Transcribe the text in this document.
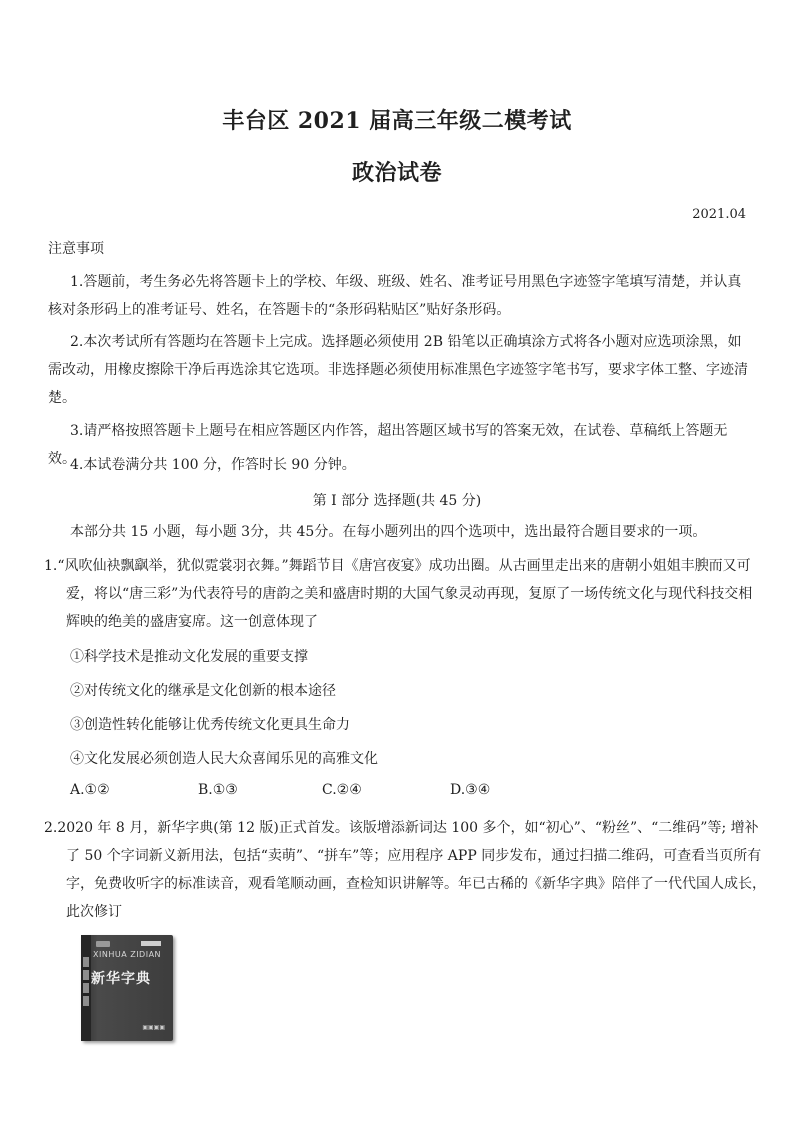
丰台区 2021 届高三年级二模考试
政治试卷
2021.04
注意事项

1.答题前，考生务必先将答题卡上的学校、年级、班级、姓名、准考证号用黑色字迹签字笔填写清楚，并认真核对条形码上的准考证号、姓名，在答题卡的“条形码粘贴区”贴好条形码。

2.本次考试所有答题均在答题卡上完成。选择题必须使用 2B 铅笔以正确填涂方式将各小题对应选项涂黑，如需改动，用橡皮擦除干净后再选涂其它选项。非选择题必须使用标准黑色字迹签字笔书写，要求字体工整、字迹清楚。

3.请严格按照答题卡上题号在相应答题区内作答，超出答题区域书写的答案无效，在试卷、草稿纸上答题无效。

4.本试卷满分共 100 分，作答时长 90 分钟。

第 I 部分 选择题(共 45 分)

本部分共 15 小题，每小题 3分，共 45分。在每小题列出的四个选项中，选出最符合题目要求的一项。

1.“风吹仙袂飘飖举，犹似霓裳羽衣舞。”舞蹈节目《唐宫夜宴》成功出圈。从古画里走出来的唐朝小姐姐丰腴而又可爱，将以“唐三彩”为代表符号的唐韵之美和盛唐时期的大国气象灵动再现，复原了一场传统文化与现代科技交相辉映的绝美的盛唐宴席。这一创意体现了

①科学技术是推动文化发展的重要支撑
②对传统文化的继承是文化创新的根本途径
③创造性转化能够让优秀传统文化更具生命力
④文化发展必须创造人民大众喜闻乐见的高雅文化
A.①②	B.①③	C.②④	D.③④

2.2020 年 8 月，新华字典(第 12 版)正式首发。该版增添新词达 100 多个，如“初心”、“粉丝”、“二维码”等; 增补了 50 个字词新义新用法，包括“卖萌”、“拼车”等；应用程序 APP 同步发布，通过扫描二维码，可查看当页所有字，免费收听字的标准读音，观看笔顺动画，查检知识讲解等。年已古稀的《新华字典》陪伴了一代代国人成长，此次修订

XINHUA ZIDIAN
新华字典
▣▣▣▣
